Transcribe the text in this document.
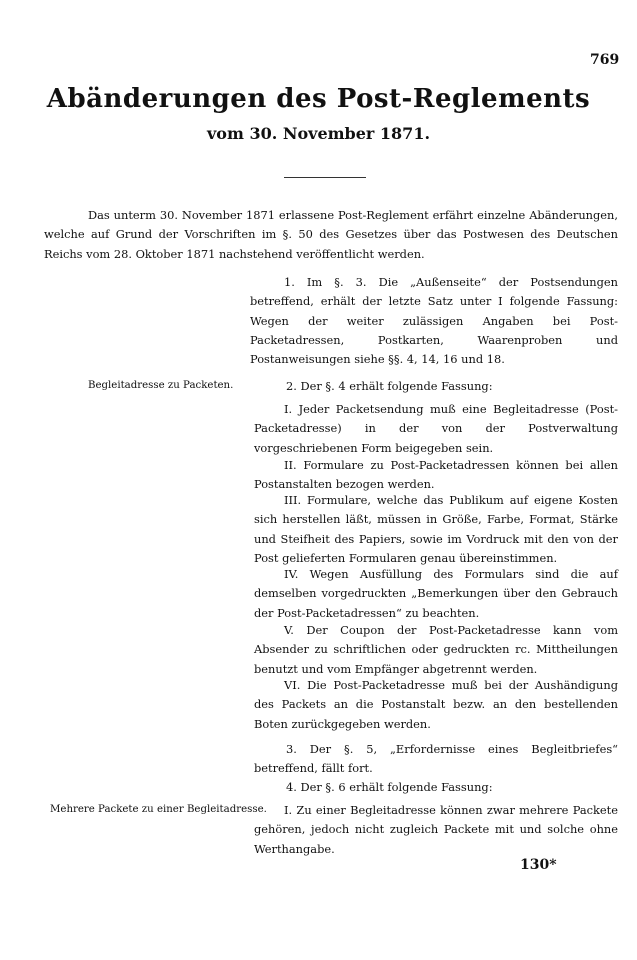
769
Abänderungen des Post-Reglements
vom 30. November 1871.
Das unterm 30. November 1871 erlassene Post-Reglement erfährt einzelne Abänderungen, welche auf Grund der Vorschriften im §. 50 des Gesetzes über das Postwesen des Deutschen Reichs vom 28. Oktober 1871 nachstehend veröffentlicht werden.
1. Im §. 3. Die „Außenseite“ der Postsendungen betreffend, erhält der letzte Satz unter I folgende Fassung: Wegen der weiter zulässigen Angaben bei Post-Packetadressen, Postkarten, Waarenproben und Postanweisungen siehe §§. 4, 14, 16 und 18.
Begleitadresse zu Packeten.	2. Der §. 4 erhält folgende Fassung:
I. Jeder Packetsendung muß eine Begleitadresse (Post-Packetadresse) in der von der Postverwaltung vorgeschriebenen Form beigegeben sein.
II. Formulare zu Post-Packetadressen können bei allen Postanstalten bezogen werden.
III. Formulare, welche das Publikum auf eigene Kosten sich herstellen läßt, müssen in Größe, Farbe, Format, Stärke und Steifheit des Papiers, sowie im Vordruck mit den von der Post gelieferten Formularen genau übereinstimmen.
IV. Wegen Ausfüllung des Formulars sind die auf demselben vorgedruckten „Bemerkungen über den Gebrauch der Post-Packetadressen“ zu beachten.
V. Der Coupon der Post-Packetadresse kann vom Absender zu schriftlichen oder gedruckten rc. Mittheilungen benutzt und vom Empfänger abgetrennt werden.
VI. Die Post-Packetadresse muß bei der Aushändigung des Packets an die Postanstalt bezw. an den bestellenden Boten zurückgegeben werden.
3. Der §. 5, „Erfordernisse eines Begleitbriefes“ betreffend, fällt fort.
4. Der §. 6 erhält folgende Fassung:
Mehrere Packete zu einer Begleitadresse.	I. Zu einer Begleitadresse können zwar mehrere Packete gehören, jedoch nicht zugleich Packete mit und solche ohne Werthangabe.
130*
